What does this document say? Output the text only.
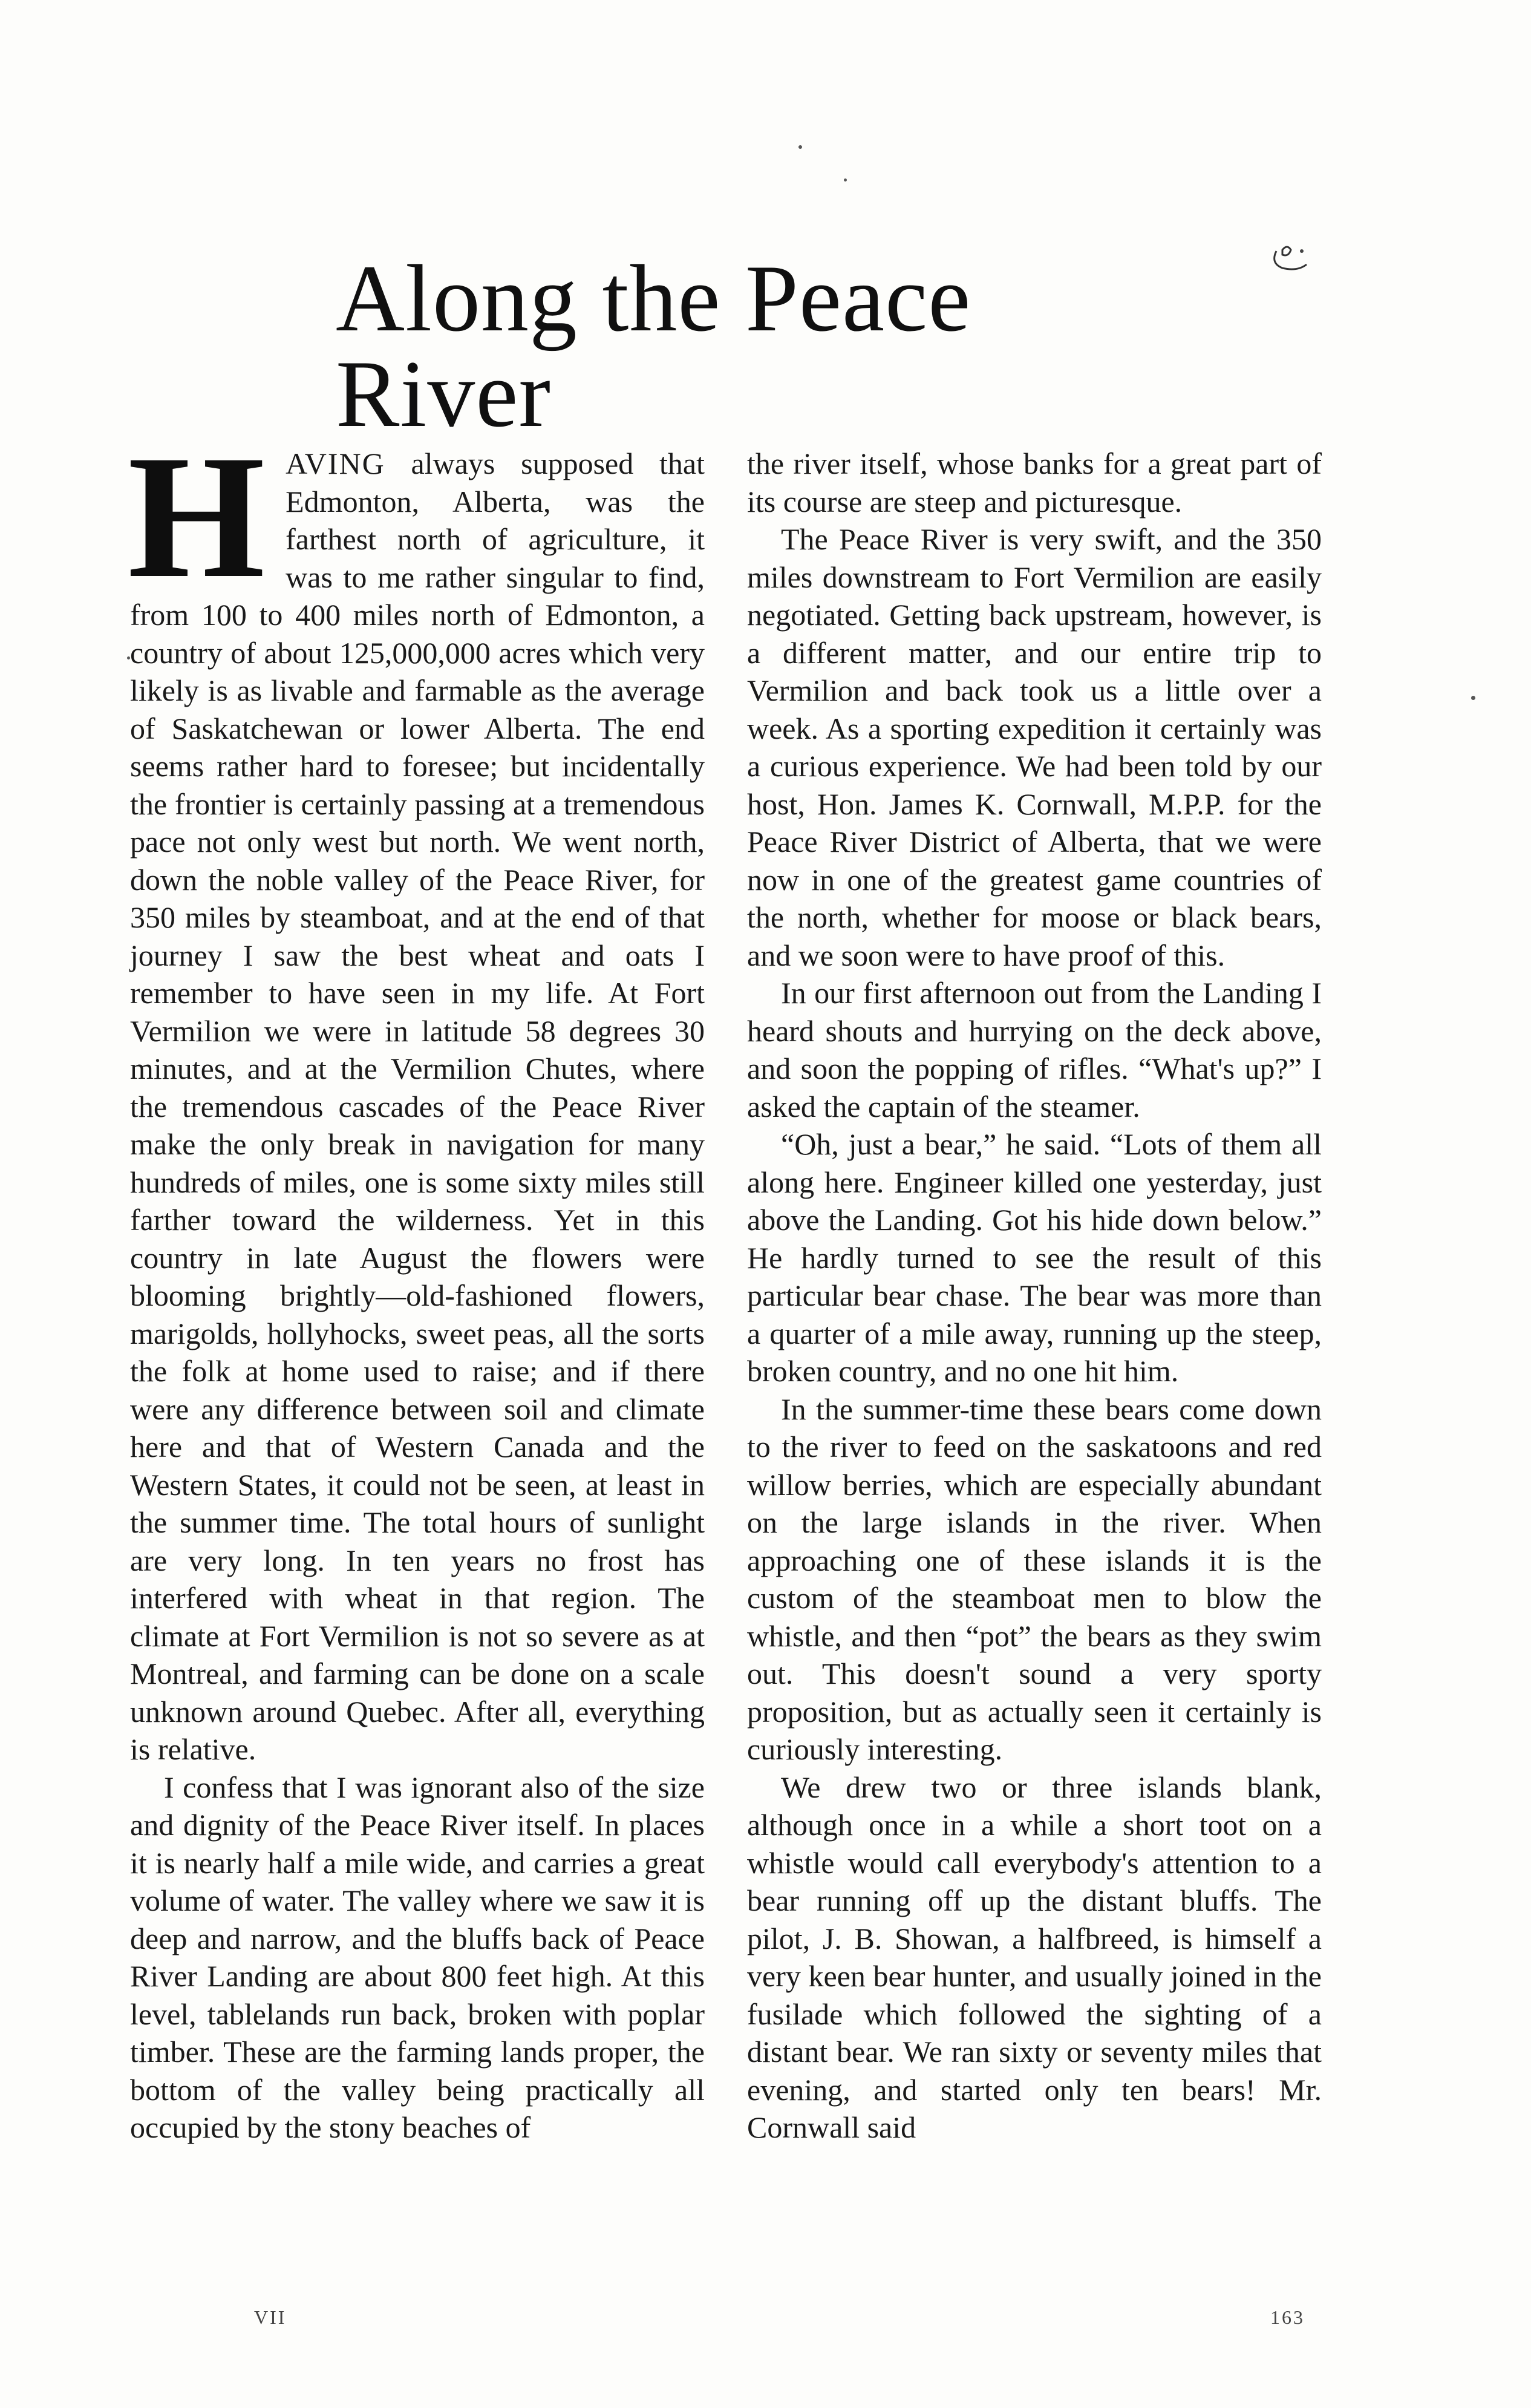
Along the Peace River

HAVING always supposed that Edmonton, Alberta, was the farthest north of agriculture, it was to me rather singular to find, from 100 to 400 miles north of Edmonton, a country of about 125,000,000 acres which very likely is as livable and farmable as the average of Saskatchewan or lower Alberta. The end seems rather hard to foresee; but incidentally the frontier is certainly passing at a tremendous pace not only west but north. We went north, down the noble valley of the Peace River, for 350 miles by steamboat, and at the end of that journey I saw the best wheat and oats I remember to have seen in my life. At Fort Vermilion we were in latitude 58 degrees 30 minutes, and at the Vermilion Chutes, where the tremendous cascades of the Peace River make the only break in navigation for many hundreds of miles, one is some sixty miles still farther toward the wilderness. Yet in this country in late August the flowers were blooming brightly—old-fashioned flowers, marigolds, hollyhocks, sweet peas, all the sorts the folk at home used to raise; and if there were any difference between soil and climate here and that of Western Canada and the Western States, it could not be seen, at least in the summer time. The total hours of sunlight are very long. In ten years no frost has interfered with wheat in that region. The climate at Fort Vermilion is not so severe as at Montreal, and farming can be done on a scale unknown around Quebec. After all, everything is relative.

I confess that I was ignorant also of the size and dignity of the Peace River itself. In places it is nearly half a mile wide, and carries a great volume of water. The valley where we saw it is deep and narrow, and the bluffs back of Peace River Landing are about 800 feet high. At this level, tablelands run back, broken with poplar timber. These are the farming lands proper, the bottom of the valley being practically all occupied by the stony beaches of

the river itself, whose banks for a great part of its course are steep and picturesque.

The Peace River is very swift, and the 350 miles downstream to Fort Vermilion are easily negotiated. Getting back upstream, however, is a different matter, and our entire trip to Vermilion and back took us a little over a week. As a sporting expedition it certainly was a curious experience. We had been told by our host, Hon. James K. Cornwall, M.P.P. for the Peace River District of Alberta, that we were now in one of the greatest game countries of the north, whether for moose or black bears, and we soon were to have proof of this.

In our first afternoon out from the Landing I heard shouts and hurrying on the deck above, and soon the popping of rifles. “What's up?” I asked the captain of the steamer.

“Oh, just a bear,” he said. “Lots of them all along here. Engineer killed one yesterday, just above the Landing. Got his hide down below.” He hardly turned to see the result of this particular bear chase. The bear was more than a quarter of a mile away, running up the steep, broken country, and no one hit him.

In the summer-time these bears come down to the river to feed on the saskatoons and red willow berries, which are especially abundant on the large islands in the river. When approaching one of these islands it is the custom of the steamboat men to blow the whistle, and then “pot” the bears as they swim out. This doesn't sound a very sporty proposition, but as actually seen it certainly is curiously interesting.

We drew two or three islands blank, although once in a while a short toot on a whistle would call everybody's attention to a bear running off up the distant bluffs. The pilot, J. B. Showan, a halfbreed, is himself a very keen bear hunter, and usually joined in the fusilade which followed the sighting of a distant bear. We ran sixty or seventy miles that evening, and started only ten bears! Mr. Cornwall said

VII	163
